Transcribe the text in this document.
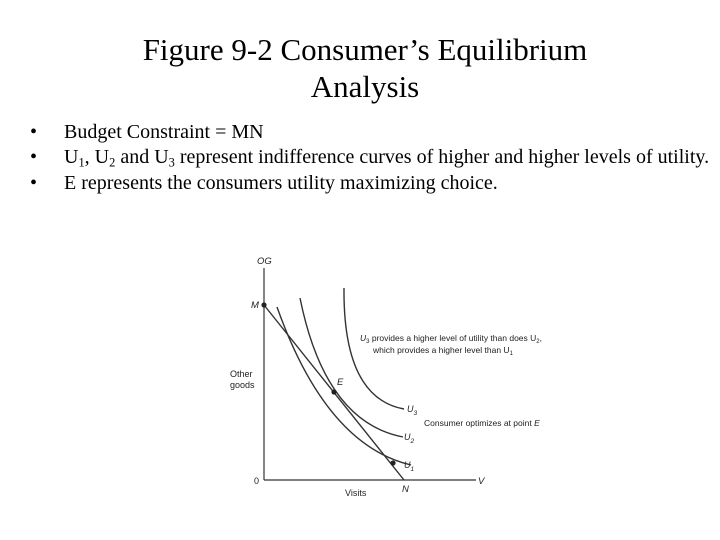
Figure 9-2 Consumer’s Equilibrium
Analysis
• Budget Constraint = MN
• $U_1$, $U_2$ and $U_3$ represent indifference curves of higher and higher levels of utility.
• E represents the consumers utility maximizing choice.
OG
Other
goods
0	V
Visits
M
E
N
$U_3$
$U_2$
$U_1$
$U_3$ provides a higher level of utility than does $U_2$,
which provides a higher level than $U_1$
Consumer optimizes at point E
